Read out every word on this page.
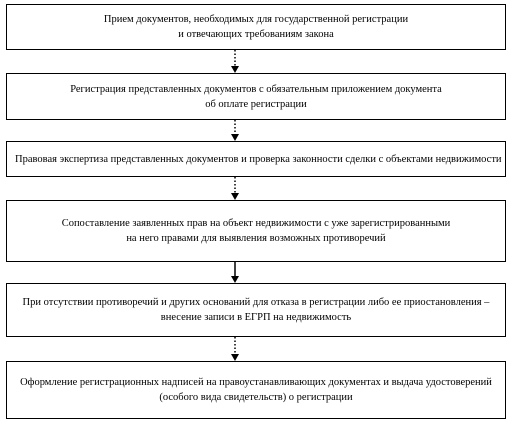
Прием документов, необходимых для государственной регистрации
и отвечающих требованиям закона
Регистрация представленных документов с обязательным приложением документа
об оплате регистрации
Правовая экспертиза представленных документов и проверка законности сделки с объектами недвижимости
Сопоставление заявленных прав на объект недвижимости с уже зарегистрированными
на него правами для выявления возможных противоречий
При отсутствии противоречий и других оснований для отказа в регистрации либо ее приостановления –
внесение записи в ЕГРП на недвижимость
Оформление регистрационных надписей на правоустанавливающих документах и выдача удостоверений
(особого вида свидетельств) о регистрации
